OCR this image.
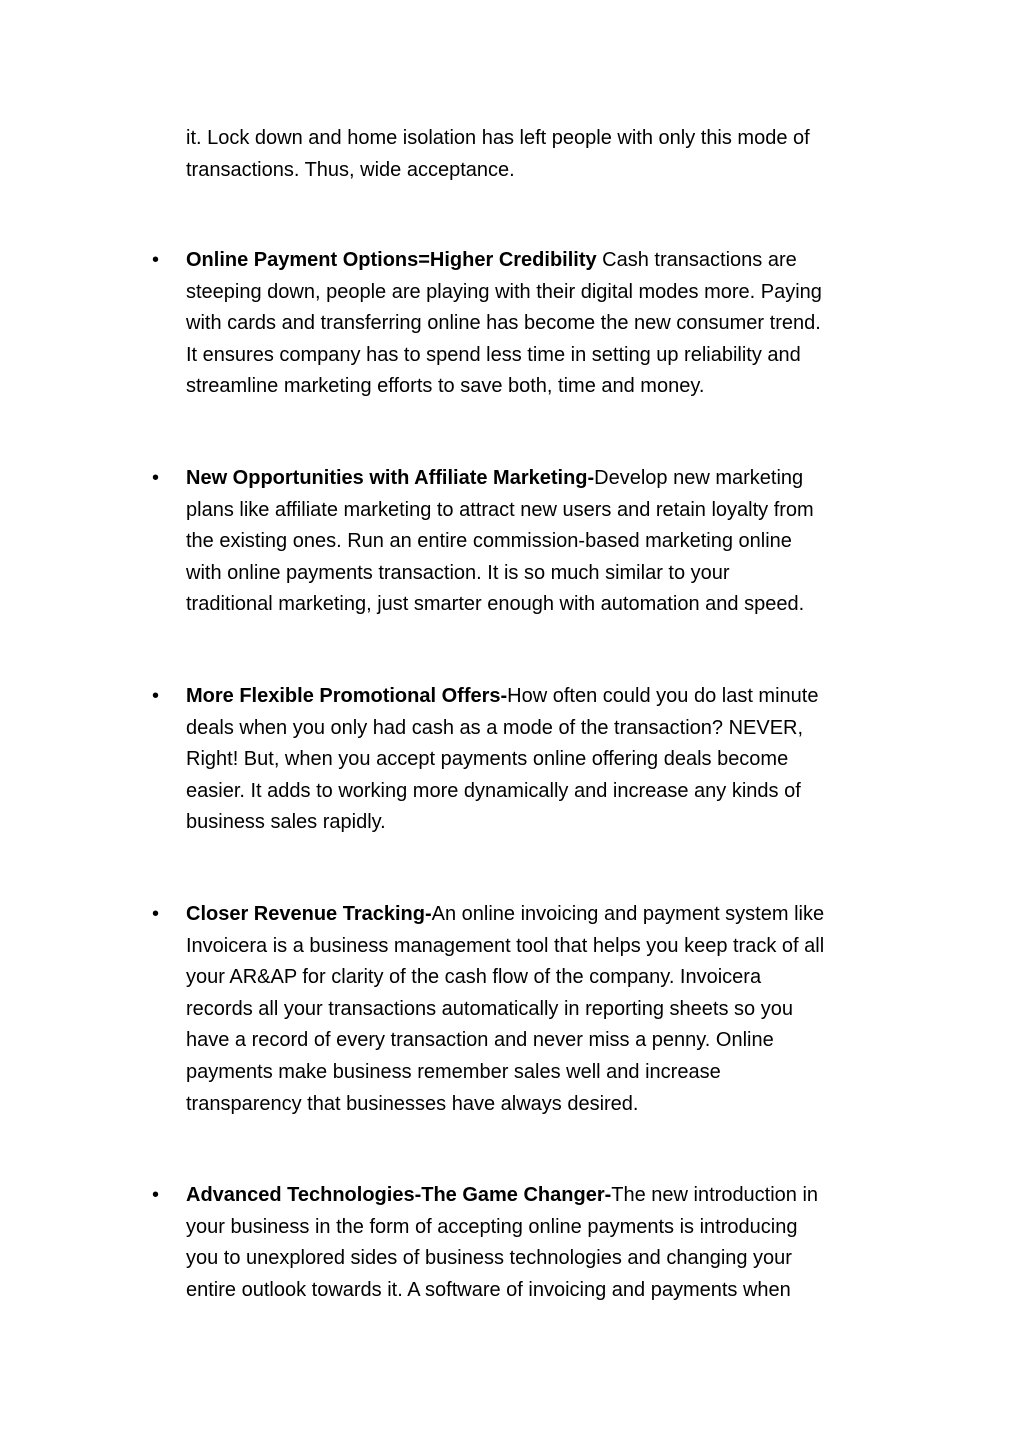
it. Lock down and home isolation has left people with only this mode of
transactions. Thus, wide acceptance.
• Online Payment Options=Higher Credibility Cash transactions are
steeping down, people are playing with their digital modes more. Paying
with cards and transferring online has become the new consumer trend.
It ensures company has to spend less time in setting up reliability and
streamline marketing efforts to save both, time and money.
• New Opportunities with Affiliate Marketing-Develop new marketing
plans like affiliate marketing to attract new users and retain loyalty from
the existing ones. Run an entire commission-based marketing online
with online payments transaction. It is so much similar to your
traditional marketing, just smarter enough with automation and speed.
• More Flexible Promotional Offers-How often could you do last minute
deals when you only had cash as a mode of the transaction? NEVER,
Right! But, when you accept payments online offering deals become
easier. It adds to working more dynamically and increase any kinds of
business sales rapidly.
• Closer Revenue Tracking-An online invoicing and payment system like
Invoicera is a business management tool that helps you keep track of all
your AR&AP for clarity of the cash flow of the company. Invoicera
records all your transactions automatically in reporting sheets so you
have a record of every transaction and never miss a penny. Online
payments make business remember sales well and increase
transparency that businesses have always desired.
• Advanced Technologies-The Game Changer-The new introduction in
your business in the form of accepting online payments is introducing
you to unexplored sides of business technologies and changing your
entire outlook towards it. A software of invoicing and payments when
